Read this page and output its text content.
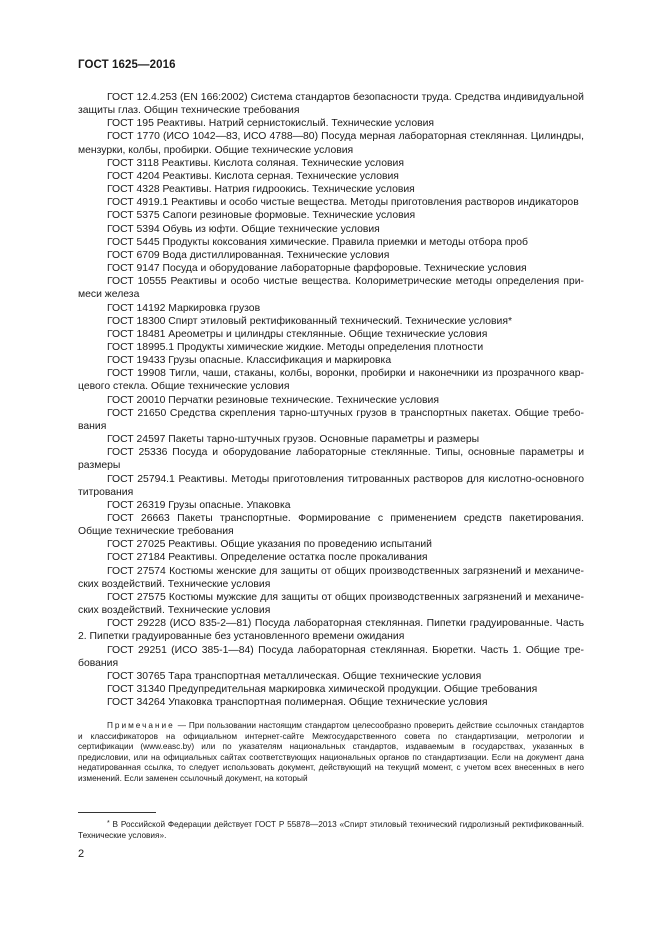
ГОСТ 1625—2016

ГОСТ 12.4.253 (EN 166:2002) Система стандартов безопасности труда. Средства индивидуальной защиты глаз. Общин технические требования

ГОСТ 195 Реактивы. Натрий сернистокислый. Технические условия

ГОСТ 1770 (ИСО 1042—83, ИСО 4788—80) Посуда мерная лабораторная стеклянная. Цилиндры, мензурки, колбы, пробирки. Общие технические условия

ГОСТ 3118 Реактивы. Кислота соляная. Технические условия

ГОСТ 4204 Реактивы. Кислота серная. Технические условия

ГОСТ 4328 Реактивы. Натрия гидроокись. Технические условия

ГОСТ 4919.1 Реактивы и особо чистые вещества. Методы приготовления растворов индикаторов

ГОСТ 5375 Сапоги резиновые формовые. Технические условия

ГОСТ 5394 Обувь из юфти. Общие технические условия

ГОСТ 5445 Продукты коксования химические. Правила приемки и методы отбора проб

ГОСТ 6709 Вода дистиллированная. Технические условия

ГОСТ 9147 Посуда и оборудование лабораторные фарфоровые. Технические условия

ГОСТ 10555 Реактивы и особо чистые вещества. Колориметрические методы определения примеси железа

ГОСТ 14192 Маркировка грузов

ГОСТ 18300 Спирт этиловый ректификованный технический. Технические условия*

ГОСТ 18481 Ареометры и цилиндры стеклянные. Общие технические условия

ГОСТ 18995.1 Продукты химические жидкие. Методы определения плотности

ГОСТ 19433 Грузы опасные. Классификация и маркировка

ГОСТ 19908 Тигли, чаши, стаканы, колбы, воронки, пробирки и наконечники из прозрачного кварцевого стекла. Общие технические условия

ГОСТ 20010 Перчатки резиновые технические. Технические условия

ГОСТ 21650 Средства скрепления тарно-штучных грузов в транспортных пакетах. Общие требования

ГОСТ 24597 Пакеты тарно-штучных грузов. Основные параметры и размеры

ГОСТ 25336 Посуда и оборудование лабораторные стеклянные. Типы, основные параметры и размеры

ГОСТ 25794.1 Реактивы. Методы приготовления титрованных растворов для кислотно-основного титрования

ГОСТ 26319 Грузы опасные. Упаковка

ГОСТ 26663 Пакеты транспортные. Формирование с применением средств пакетирования. Общие технические требования

ГОСТ 27025 Реактивы. Общие указания по проведению испытаний

ГОСТ 27184 Реактивы. Определение остатка после прокаливания

ГОСТ 27574 Костюмы женские для защиты от общих производственных загрязнений и механических воздействий. Технические условия

ГОСТ 27575 Костюмы мужские для защиты от общих производственных загрязнений и механических воздействий. Технические условия

ГОСТ 29228 (ИСО 835-2—81) Посуда лабораторная стеклянная. Пипетки градуированные. Часть 2. Пипетки градуированные без установленного времени ожидания

ГОСТ 29251 (ИСО 385-1—84) Посуда лабораторная стеклянная. Бюретки. Часть 1. Общие требования

ГОСТ 30765 Тара транспортная металлическая. Общие технические условия

ГОСТ 31340 Предупредительная маркировка химической продукции. Общие требования

ГОСТ 34264 Упаковка транспортная полимерная. Общие технические условия

Примечание — При пользовании настоящим стандартом целесообразно проверить действие ссылочных стандартов и классификаторов на официальном интернет-сайте Межгосударственного совета по стандартизации, метрологии и сертификации (www.easc.by) или по указателям национальных стандартов, издаваемым в государствах, указанных в предисловии, или на официальных сайтах соответствующих национальных органов по стандартизации. Если на документ дана недатированная ссылка, то следует использовать документ, действующий на текущий момент, с учетом всех внесенных в него изменений. Если заменен ссылочный документ, на который
* В Российской Федерации действует ГОСТ Р 55878—2013 «Спирт этиловый технический гидролизный ректификованный. Технические условия».
2
